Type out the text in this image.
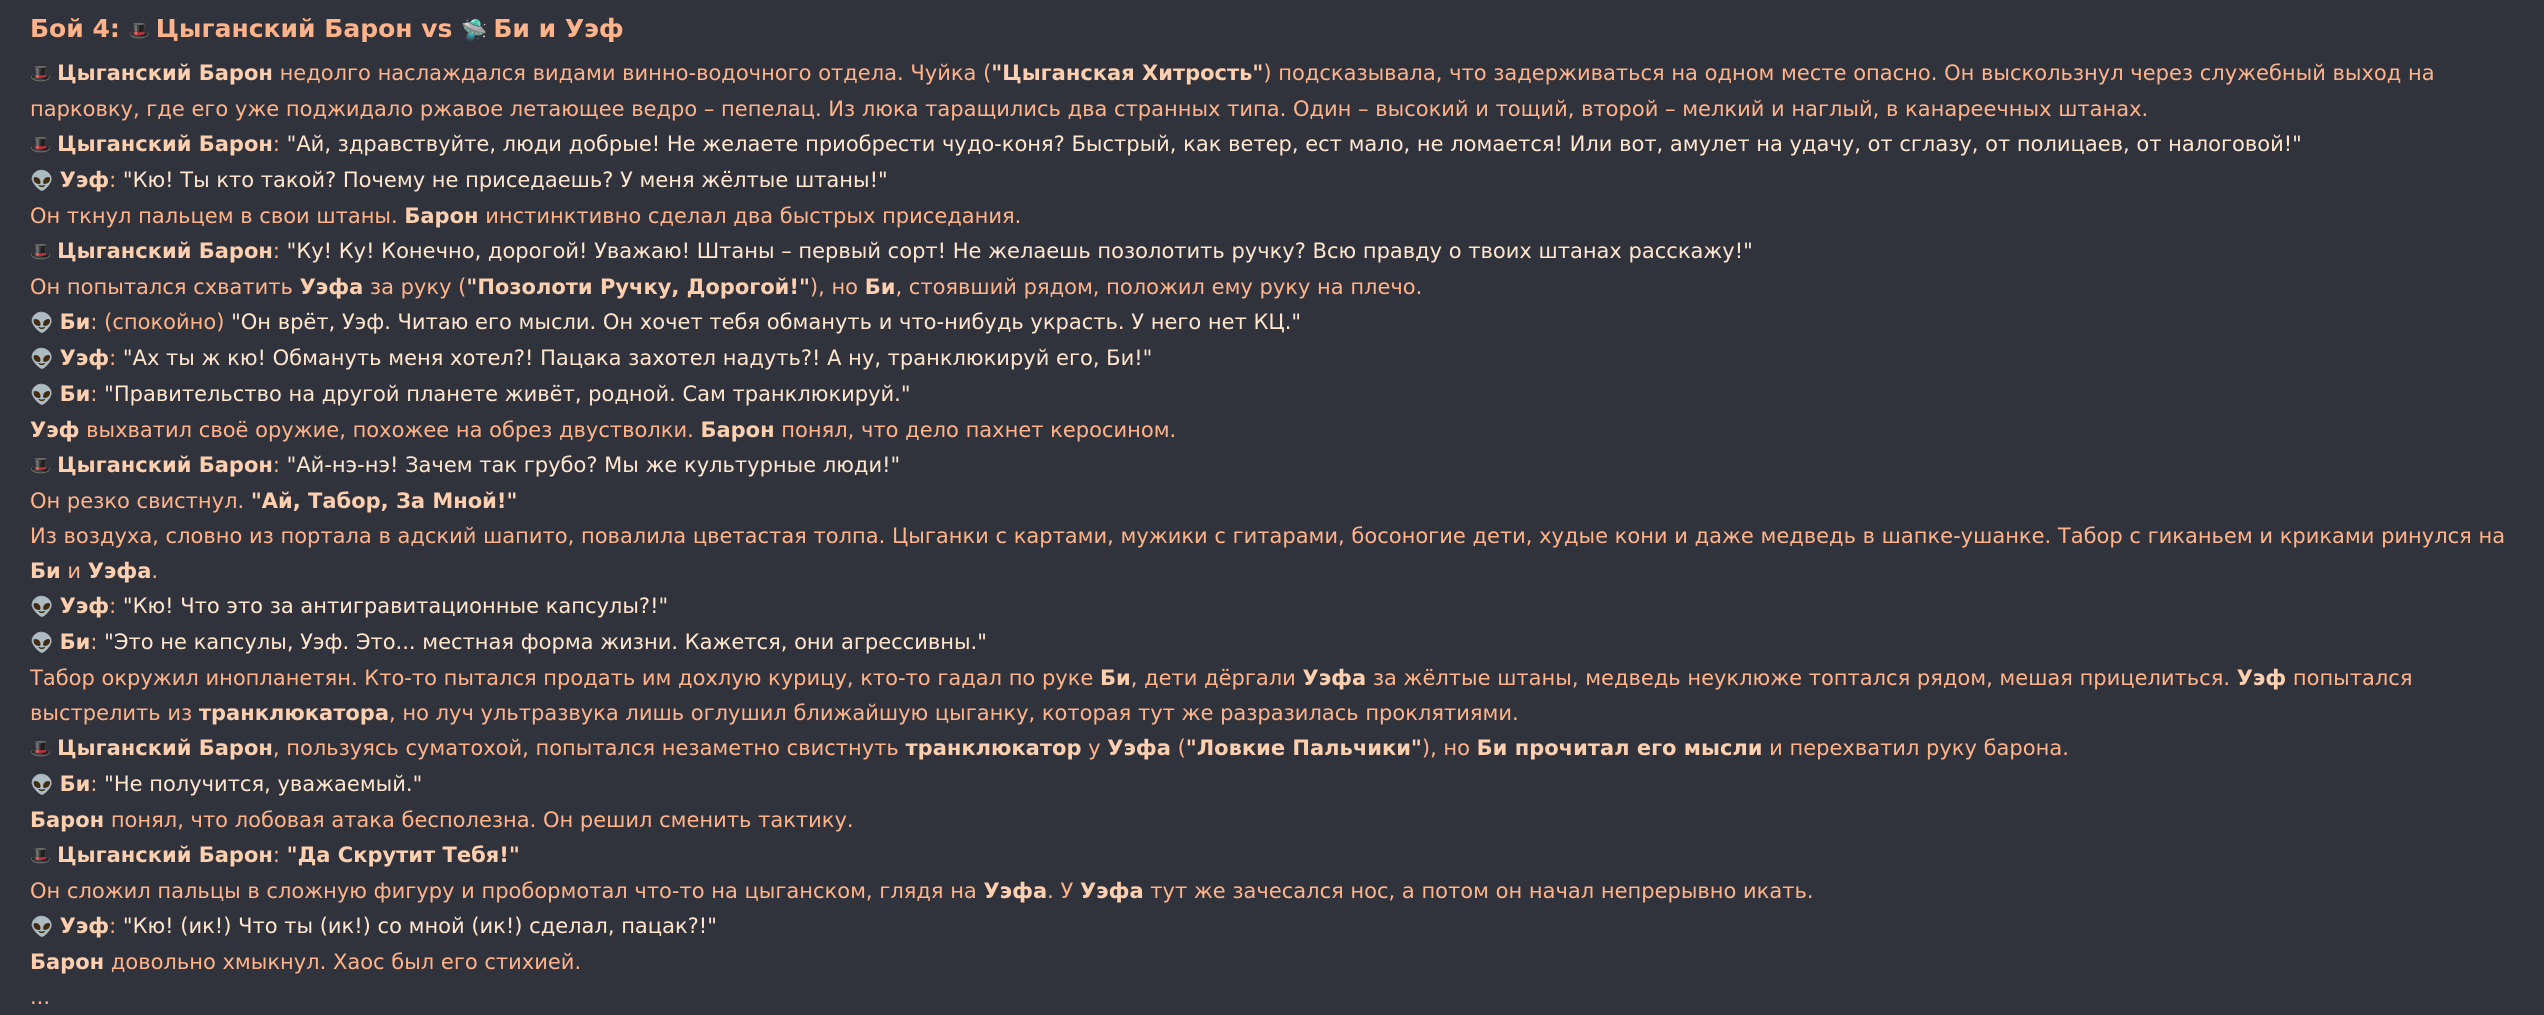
Бой 4: 🎩 Цыганский Барон vs 🛸 Би и Уэф

🎩 Цыганский Барон недолго наслаждался видами винно-водочного отдела. Чуйка ("Цыганская Хитрость") подсказывала, что задерживаться на одном месте опасно. Он выскользнул через служебный выход на парковку, где его уже поджидало ржавое летающее ведро – пепелац. Из люка таращились два странных типа. Один – высокий и тощий, второй – мелкий и наглый, в канареечных штанах.

🎩 Цыганский Барон: "Ай, здравствуйте, люди добрые! Не желаете приобрести чудо-коня? Быстрый, как ветер, ест мало, не ломается! Или вот, амулет на удачу, от сглазу, от полицаев, от налоговой!"

👽 Уэф: "Кю! Ты кто такой? Почему не приседаешь? У меня жёлтые штаны!"

Он ткнул пальцем в свои штаны. Барон инстинктивно сделал два быстрых приседания.

🎩 Цыганский Барон: "Ку! Ку! Конечно, дорогой! Уважаю! Штаны – первый сорт! Не желаешь позолотить ручку? Всю правду о твоих штанах расскажу!"

Он попытался схватить Уэфа за руку ("Позолоти Ручку, Дорогой!"), но Би, стоявший рядом, положил ему руку на плечо.

👽 Би: (спокойно) "Он врёт, Уэф. Читаю его мысли. Он хочет тебя обмануть и что-нибудь украсть. У него нет КЦ."

👽 Уэф: "Ах ты ж кю! Обмануть меня хотел?! Пацака захотел надуть?! А ну, транклюкируй его, Би!"

👽 Би: "Правительство на другой планете живёт, родной. Сам транклюкируй."

Уэф выхватил своё оружие, похожее на обрез двустволки. Барон понял, что дело пахнет керосином.

🎩 Цыганский Барон: "Ай-нэ-нэ! Зачем так грубо? Мы же культурные люди!"

Он резко свистнул. "Ай, Табор, За Мной!"

Из воздуха, словно из портала в адский шапито, повалила цветастая толпа. Цыганки с картами, мужики с гитарами, босоногие дети, худые кони и даже медведь в шапке-ушанке. Табор с гиканьем и криками ринулся на Би и Уэфа.

👽 Уэф: "Кю! Что это за антигравитационные капсулы?!"

👽 Би: "Это не капсулы, Уэф. Это... местная форма жизни. Кажется, они агрессивны."

Табор окружил инопланетян. Кто-то пытался продать им дохлую курицу, кто-то гадал по руке Би, дети дёргали Уэфа за жёлтые штаны, медведь неуклюже топтался рядом, мешая прицелиться. Уэф попытался выстрелить из транклюкатора, но луч ультразвука лишь оглушил ближайшую цыганку, которая тут же разразилась проклятиями.

🎩 Цыганский Барон, пользуясь суматохой, попытался незаметно свистнуть транклюкатор у Уэфа ("Ловкие Пальчики"), но Би прочитал его мысли и перехватил руку барона.

👽 Би: "Не получится, уважаемый."

Барон понял, что лобовая атака бесполезна. Он решил сменить тактику.

🎩 Цыганский Барон: "Да Скрутит Тебя!"

Он сложил пальцы в сложную фигуру и пробормотал что-то на цыганском, глядя на Уэфа. У Уэфа тут же зачесался нос, а потом он начал непрерывно икать.

👽 Уэф: "Кю! (ик!) Что ты (ик!) со мной (ик!) сделал, пацак?!"

Барон довольно хмыкнул. Хаос был его стихией.

...
